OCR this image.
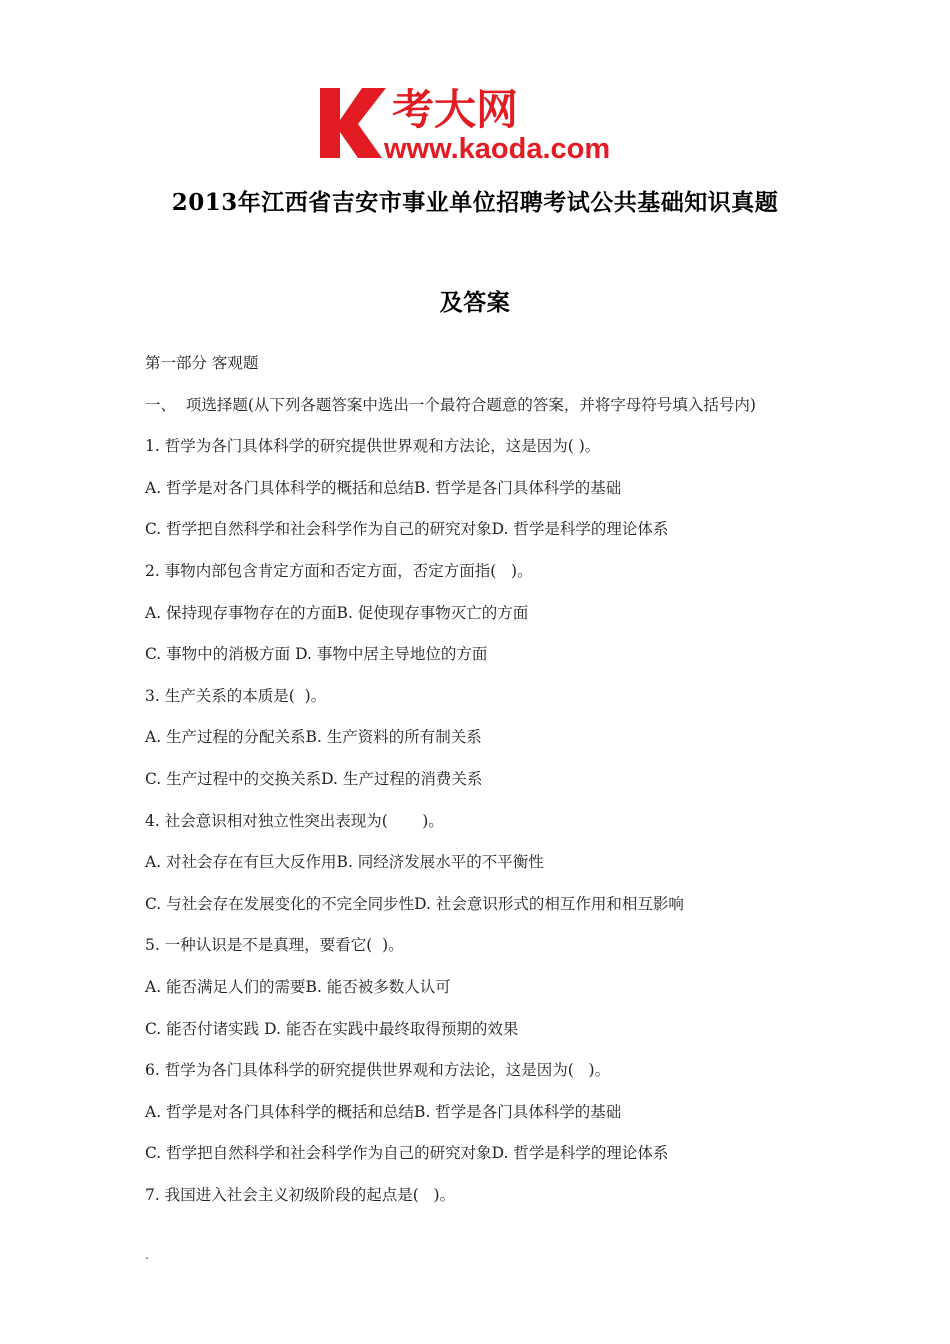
考大网
www.kaoda.com
2013年江西省吉安市事业单位招聘考试公共基础知识真题
及答案
第一部分 客观题
一、  项选择题(从下列各题答案中选出一个最符合题意的答案，并将字母符号填入括号内)
1. 哲学为各门具体科学的研究提供世界观和方法论，这是因为( )。
A. 哲学是对各门具体科学的概括和总结B. 哲学是各门具体科学的基础
C. 哲学把自然科学和社会科学作为自己的研究对象D. 哲学是科学的理论体系
2. 事物内部包含肯定方面和否定方面，否定方面指(   )。
A. 保持现存事物存在的方面B. 促使现存事物灭亡的方面
C. 事物中的消极方面 D. 事物中居主导地位的方面
3. 生产关系的本质是(  )。
A. 生产过程的分配关系B. 生产资料的所有制关系
C. 生产过程中的交换关系D. 生产过程的消费关系
4. 社会意识相对独立性突出表现为(       )。
A. 对社会存在有巨大反作用B. 同经济发展水平的不平衡性
C. 与社会存在发展变化的不完全同步性D. 社会意识形式的相互作用和相互影响
5. 一种认识是不是真理，要看它(  )。
A. 能否满足人们的需要B. 能否被多数人认可
C. 能否付诸实践 D. 能否在实践中最终取得预期的效果
6. 哲学为各门具体科学的研究提供世界观和方法论，这是因为(   )。
A. 哲学是对各门具体科学的概括和总结B. 哲学是各门具体科学的基础
C. 哲学把自然科学和社会科学作为自己的研究对象D. 哲学是科学的理论体系
7. 我国进入社会主义初级阶段的起点是(   )。
.
